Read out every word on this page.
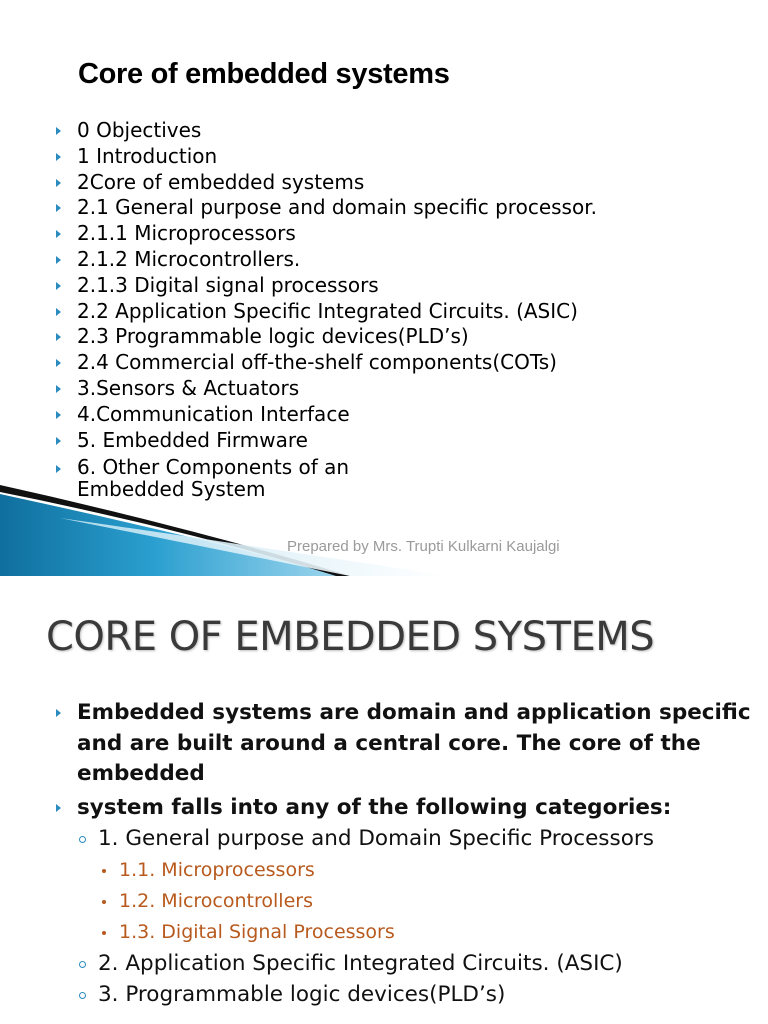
Core of embedded systems
0 Objectives
1 Introduction
2Core of embedded systems
2.1 General purpose and domain specific processor.
2.1.1 Microprocessors
2.1.2 Microcontrollers.
2.1.3 Digital signal processors
2.2 Application Specific Integrated Circuits. (ASIC)
2.3 Programmable logic devices(PLD’s)
2.4 Commercial off-the-shelf components(COTs)
3.Sensors & Actuators
4.Communication Interface
5. Embedded Firmware
6. Other Components of an
Embedded System

Prepared by Mrs. Trupti Kulkarni Kaujalgi

CORE OF EMBEDDED SYSTEMS
Embedded systems are domain and application specific and are built around a central core. The core of the embedded
system falls into any of the following categories:
1. General purpose and Domain Specific Processors
1.1. Microprocessors
1.2. Microcontrollers
1.3. Digital Signal Processors
2. Application Specific Integrated Circuits. (ASIC)
3. Programmable logic devices(PLD’s)
